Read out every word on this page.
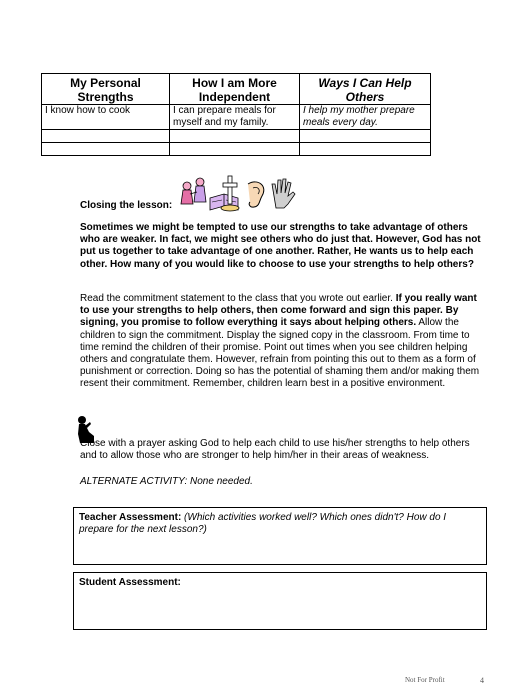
My Personal Strengths	How I am More Independent	Ways I Can Help Others
I know how to cook	I can prepare meals for myself and my family.	I help my mother prepare meals every day.

Closing the lesson:
Sometimes we might be tempted to use our strengths to take advantage of others who are weaker. In fact, we might see others who do just that. However, God has not put us together to take advantage of one another. Rather, He wants us to help each other. How many of you would like to choose to use your strengths to help others?
Read the commitment statement to the class that you wrote out earlier. If you really want to use your strengths to help others, then come forward and sign this paper. By signing, you promise to follow everything it says about helping others. Allow the children to sign the commitment. Display the signed copy in the classroom. From time to time remind the children of their promise. Point out times when you see children helping others and congratulate them. However, refrain from pointing this out to them as a form of punishment or correction. Doing so has the potential of shaming them and/or making them resent their commitment. Remember, children learn best in a positive environment.
Close with a prayer asking God to help each child to use his/her strengths to help others and to allow those who are stronger to help him/her in their areas of weakness.
ALTERNATE ACTIVITY: None needed.
Teacher Assessment: (Which activities worked well? Which ones didn't? How do I prepare for the next lesson?)
Student Assessment:
Not For Profit	4
